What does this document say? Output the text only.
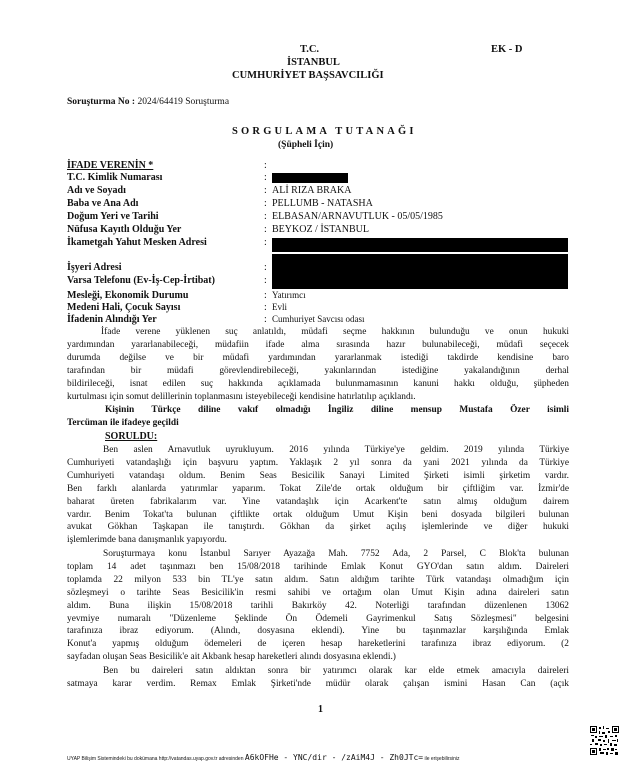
T.C.
İSTANBUL
CUMHURİYET BAŞSAVCILIĞI
EK - D
Soruşturma No : 2024/64419 Soruşturma
SORGULAMA TUTANAĞI
(Şüpheli İçin)
İFADE VERENİN *	:
T.C. Kimlik Numarası	:
Adı ve Soyadı	: ALİ RIZA BRAKA
Baba ve Ana Adı	: PELLUMB - NATASHA
Doğum Yeri ve Tarihi	: ELBASAN/ARNAVUTLUK - 05/05/1985
Nüfusa Kayıtlı Olduğu Yer	: BEYKOZ / İSTANBUL
İkametgah Yahut Mesken Adresi	:
İşyeri Adresi	:
Varsa Telefonu (Ev-İş-Cep-İrtibat)	:
Mesleği, Ekonomik Durumu	: Yatırımcı
Medeni Hali, Çocuk Sayısı	: Evli
İfadenin Alındığı Yer	: Cumhuriyet Savcısı odası
İfade verene yüklenen suç anlatıldı, müdafi seçme hakkının bulunduğu ve onun hukuki
yardımından yararlanabileceği, müdafiin ifade alma sırasında hazır bulunabileceği, müdafi seçecek
durumda değilse ve bir müdafi yardımından yararlanmak istediği takdirde kendisine baro
tarafından bir müdafi görevlendirebileceği, yakınlarından istediğine yakalandığının derhal
bildirileceği, isnat edilen suç hakkında açıklamada bulunmamasının kanuni hakkı olduğu, şüpheden
kurtulması için somut delillerinin toplanmasını isteyebileceği kendisine hatırlatılıp açıklandı.
Kişinin Türkçe diline vakıf olmadığı İngiliz diline mensup Mustafa Özer isimli
Tercüman ile ifadeye geçildi
SORULDU:
Ben aslen Arnavutluk uyrukluyum. 2016 yılında Türkiye'ye geldim. 2019 yılında Türkiye
Cumhuriyeti vatandaşlığı için başvuru yaptım. Yaklaşık 2 yıl sonra da yani 2021 yılında da Türkiye
Cumhuriyeti vatandaşı oldum. Benim Seas Besicilik Sanayi Limited Şirketi isimli şirketim vardır.
Ben farklı alanlarda yatırımlar yaparım. Tokat Zile'de ortak olduğum bir çiftliğim var. İzmir'de
baharat üreten fabrikalarım var. Yine vatandaşlık için Acarkent'te satın almış olduğum dairem
vardır. Benim Tokat'ta bulunan çiftlikte ortak olduğum Umut Kişin beni dosyada bilgileri bulunan
avukat Gökhan Taşkapan ile tanıştırdı. Gökhan da şirket açılış işlemlerinde ve diğer hukuki
işlemlerimde bana danışmanlık yapıyordu.
Soruşturmaya konu İstanbul Sarıyer Ayazağa Mah. 7752 Ada, 2 Parsel, C Blok'ta bulunan
toplam 14 adet taşınmazı ben 15/08/2018 tarihinde Emlak Konut GYO'dan satın aldım. Daireleri
toplamda 22 milyon 533 bin TL'ye satın aldım. Satın aldığım tarihte Türk vatandaşı olmadığım için
sözleşmeyi o tarihte Seas Besicilik'in resmi sahibi ve ortağım olan Umut Kişin adına daireleri satın
aldım. Buna ilişkin 15/08/2018 tarihli Bakırköy 42. Noterliği tarafından düzenlenen 13062
yevmiye numaralı "Düzenleme Şeklinde Ön Ödemeli Gayrimenkul Satış Sözleşmesi" belgesini
tarafınıza ibraz ediyorum. (Alındı, dosyasına eklendi). Yine bu taşınmazlar karşılığında Emlak
Konut'a yapmış olduğum ödemeleri de içeren hesap hareketlerini tarafınıza ibraz ediyorum. (2
sayfadan oluşan Seas Besicilik'e ait Akbank hesap hareketleri alındı dosyasına eklendi.)
Ben bu daireleri satın aldıktan sonra bir yatırımcı olarak kar elde etmek amacıyla daireleri
satmaya karar verdim. Remax Emlak Şirketi'nde müdür olarak çalışan ismini Hasan Can (açık
1
UYAP Bilişim Sistemindeki bu dokümana http://vatandas.uyap.gov.tr adresinden A6kOFHe - YNC/dir - /zAiM4J - Zh0JTc= ile erişebilirsiniz
